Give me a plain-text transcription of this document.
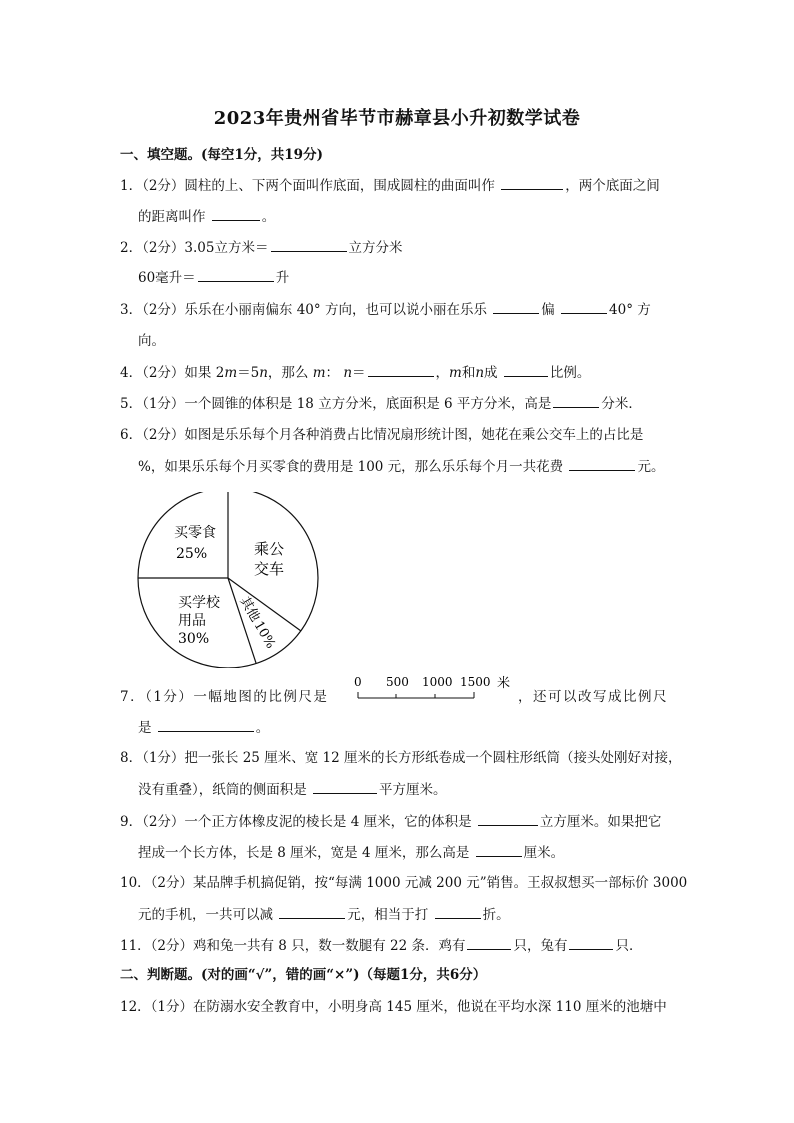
2023年贵州省毕节市赫章县小升初数学试卷
一、填空题。(每空1分，共19分)
1．（2分）圆柱的上、下两个面叫作底面，围成圆柱的曲面叫作	，两个底面之间
的距离叫作	。
2．（2分）3.05立方米＝	立方分米
60毫升＝	升
3．（2分）乐乐在小丽南偏东 40° 方向，也可以说小丽在乐乐	偏	40° 方
向。
4．（2分）如果 2m＝5n，那么 m： n＝	，m和n成	比例。
5．（1分）一个圆锥的体积是 18 立方分米，底面积是 6 平方分米，高是	分米．
6．（2分）如图是乐乐每个月各种消费占比情况扇形统计图，她花在乘公交车上的占比是
%，如果乐乐每个月买零食的费用是 100 元，那么乐乐每个月一共花费	元。
买零食
25%	乘公
交车
其他
10%
买学校
用品
30%
7．（1分）一幅地图的比例尺是
0 500 1000 1500 米
，还可以改写成比例尺
是	。
8．（1分）把一张长 25 厘米、宽 12 厘米的长方形纸卷成一个圆柱形纸筒（接头处刚好对接，
没有重叠），纸筒的侧面积是	平方厘米。
9．（2分）一个正方体橡皮泥的棱长是 4 厘米，它的体积是	立方厘米。如果把它
捏成一个长方体，长是 8 厘米，宽是 4 厘米，那么高是	厘米。
10．（2分）某品牌手机搞促销，按“每满 1000 元减 200 元”销售。王叔叔想买一部标价 3000
元的手机，一共可以减	元，相当于打	折。
11．（2分）鸡和兔一共有 8 只，数一数腿有 22 条．鸡有	只，兔有	只．
二、判断题。(对的画“√”，错的画“×”)（每题1分，共6分）
12．（1分）在防溺水安全教育中，小明身高 145 厘米，他说在平均水深 110 厘米的池塘中
